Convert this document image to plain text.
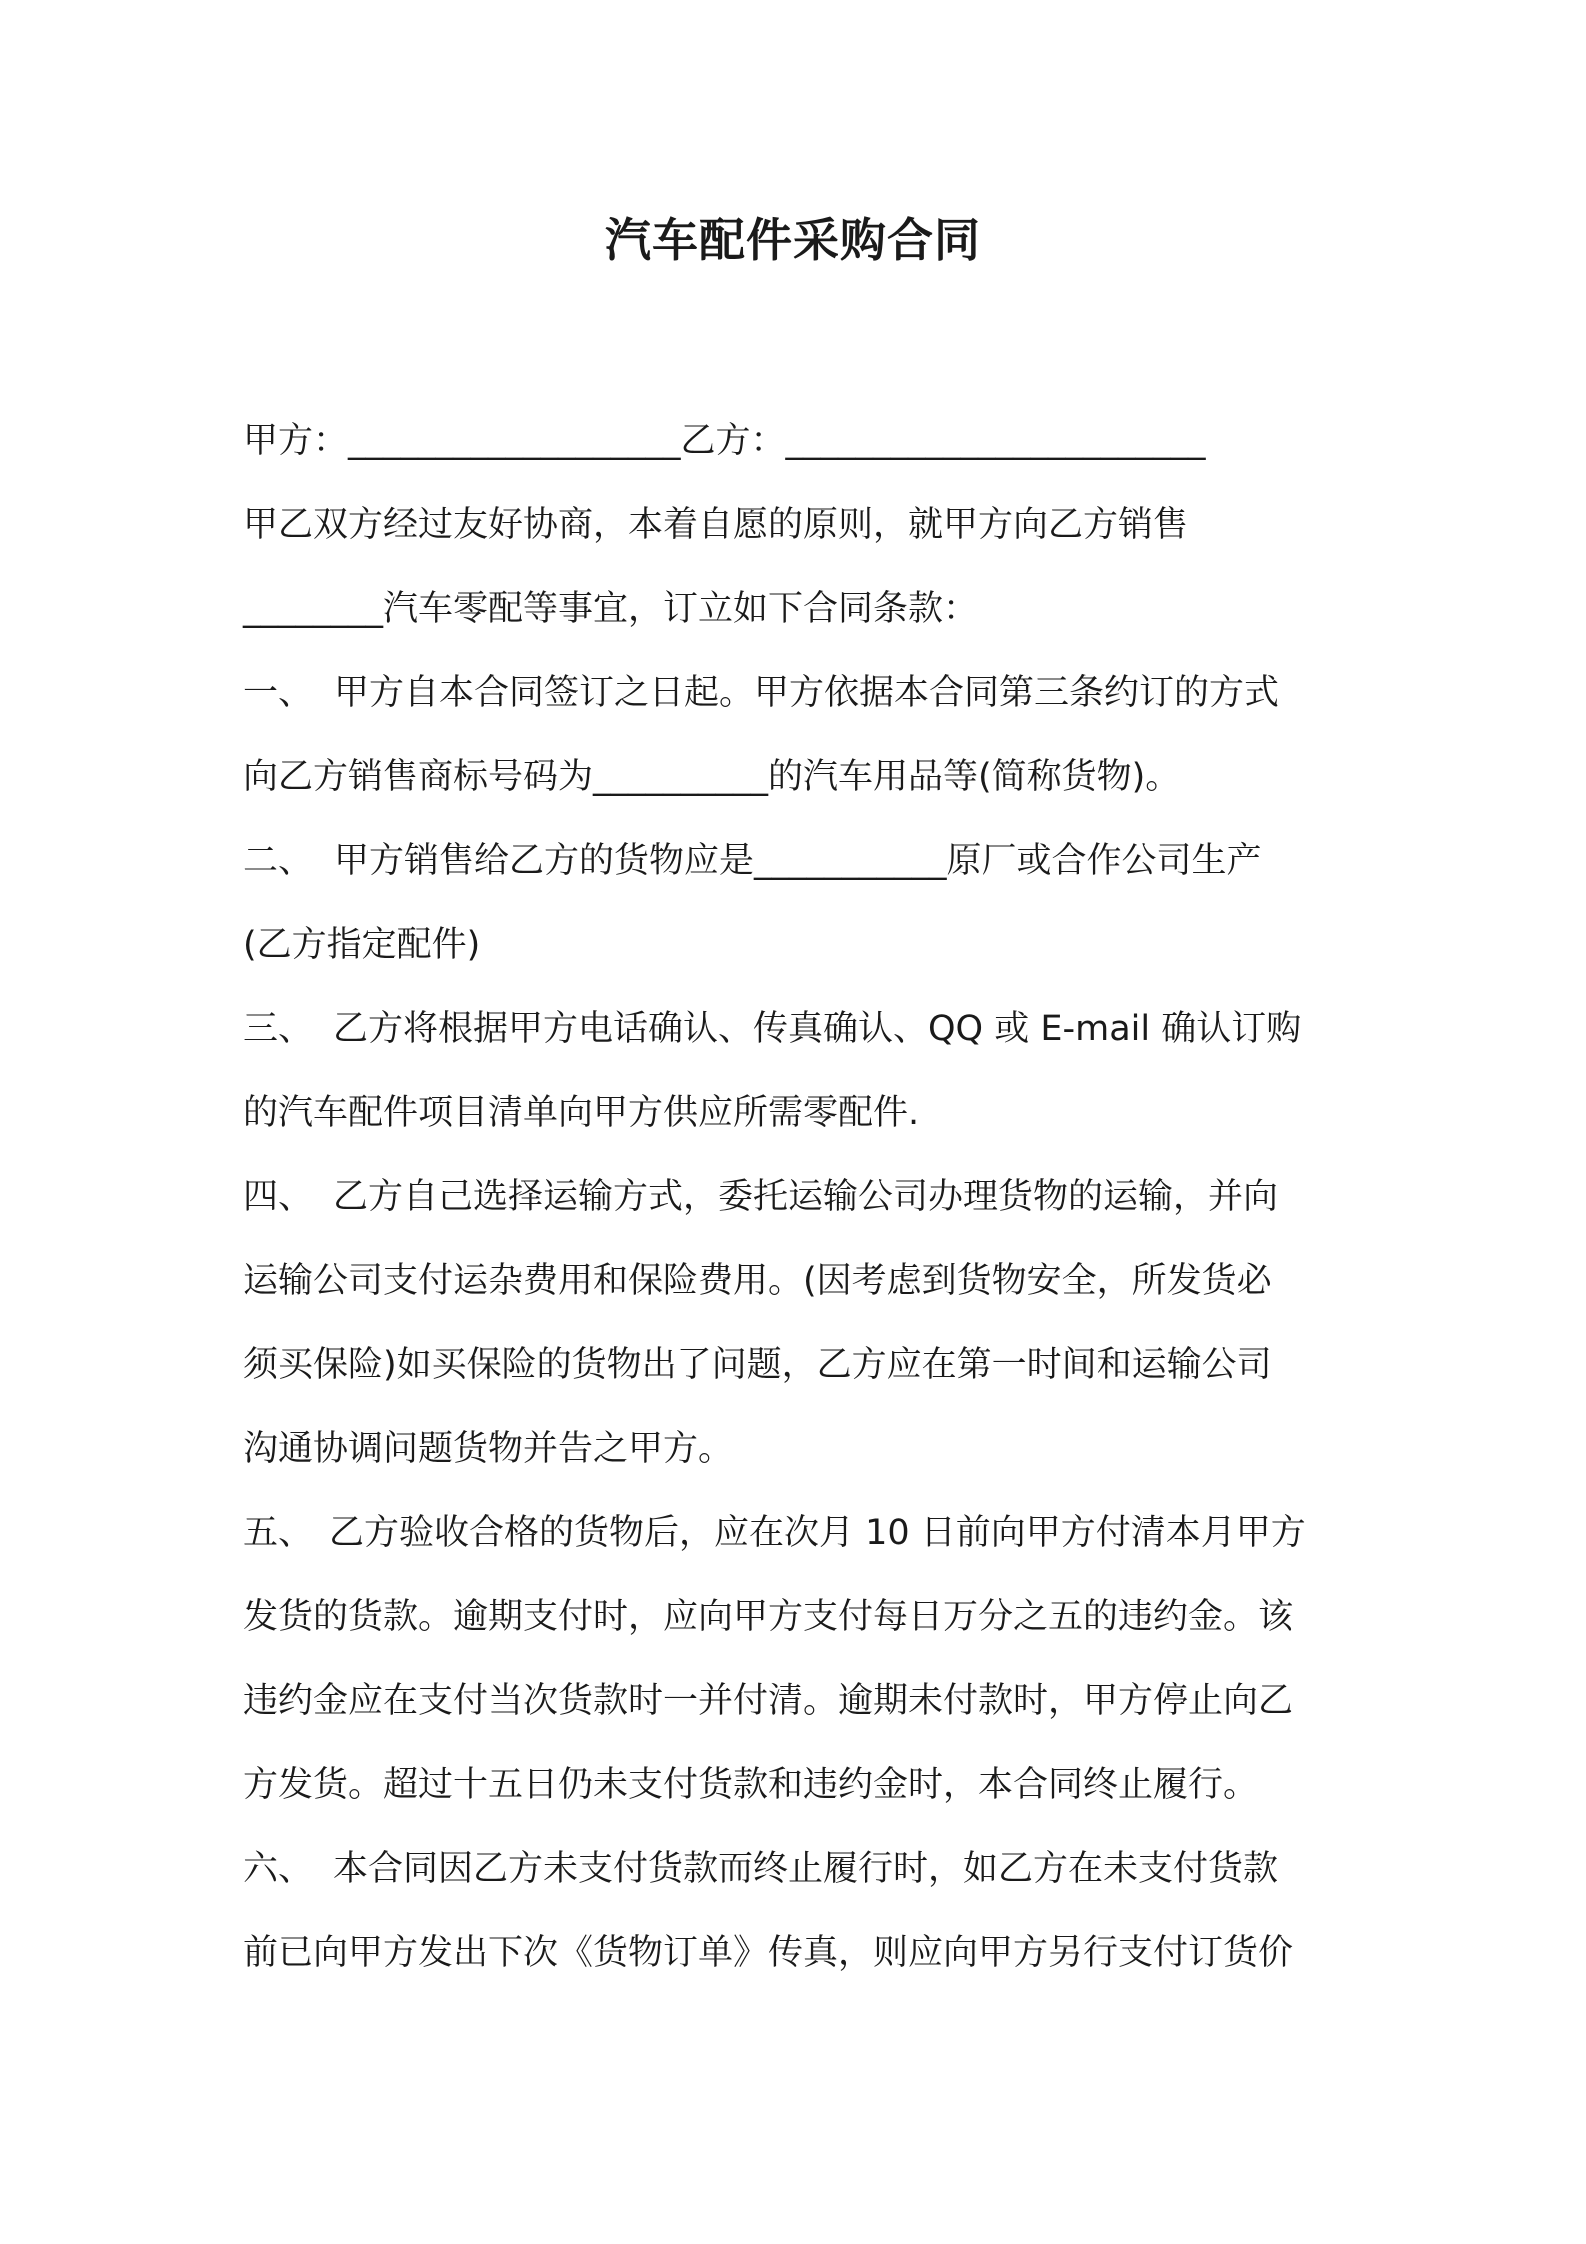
汽车配件采购合同
甲方：___________________乙方：________________________
甲乙双方经过友好协商，本着自愿的原则，就甲方向乙方销售
________汽车零配等事宜，订立如下合同条款：
一、 甲方自本合同签订之日起。甲方依据本合同第三条约订的方式
向乙方销售商标号码为__________的汽车用品等(简称货物)。
二、 甲方销售给乙方的货物应是___________原厂或合作公司生产
(乙方指定配件)
三、 乙方将根据甲方电话确认、传真确认、QQ 或 E-mail 确认订购
的汽车配件项目清单向甲方供应所需零配件.
四、 乙方自己选择运输方式，委托运输公司办理货物的运输，并向
运输公司支付运杂费用和保险费用。(因考虑到货物安全，所发货必
须买保险)如买保险的货物出了问题，乙方应在第一时间和运输公司
沟通协调问题货物并告之甲方。
五、 乙方验收合格的货物后，应在次月 10 日前向甲方付清本月甲方
发货的货款。逾期支付时，应向甲方支付每日万分之五的违约金。该
违约金应在支付当次货款时一并付清。逾期未付款时，甲方停止向乙
方发货。超过十五日仍未支付货款和违约金时，本合同终止履行。
六、 本合同因乙方未支付货款而终止履行时，如乙方在未支付货款
前已向甲方发出下次《货物订单》传真，则应向甲方另行支付订货价
